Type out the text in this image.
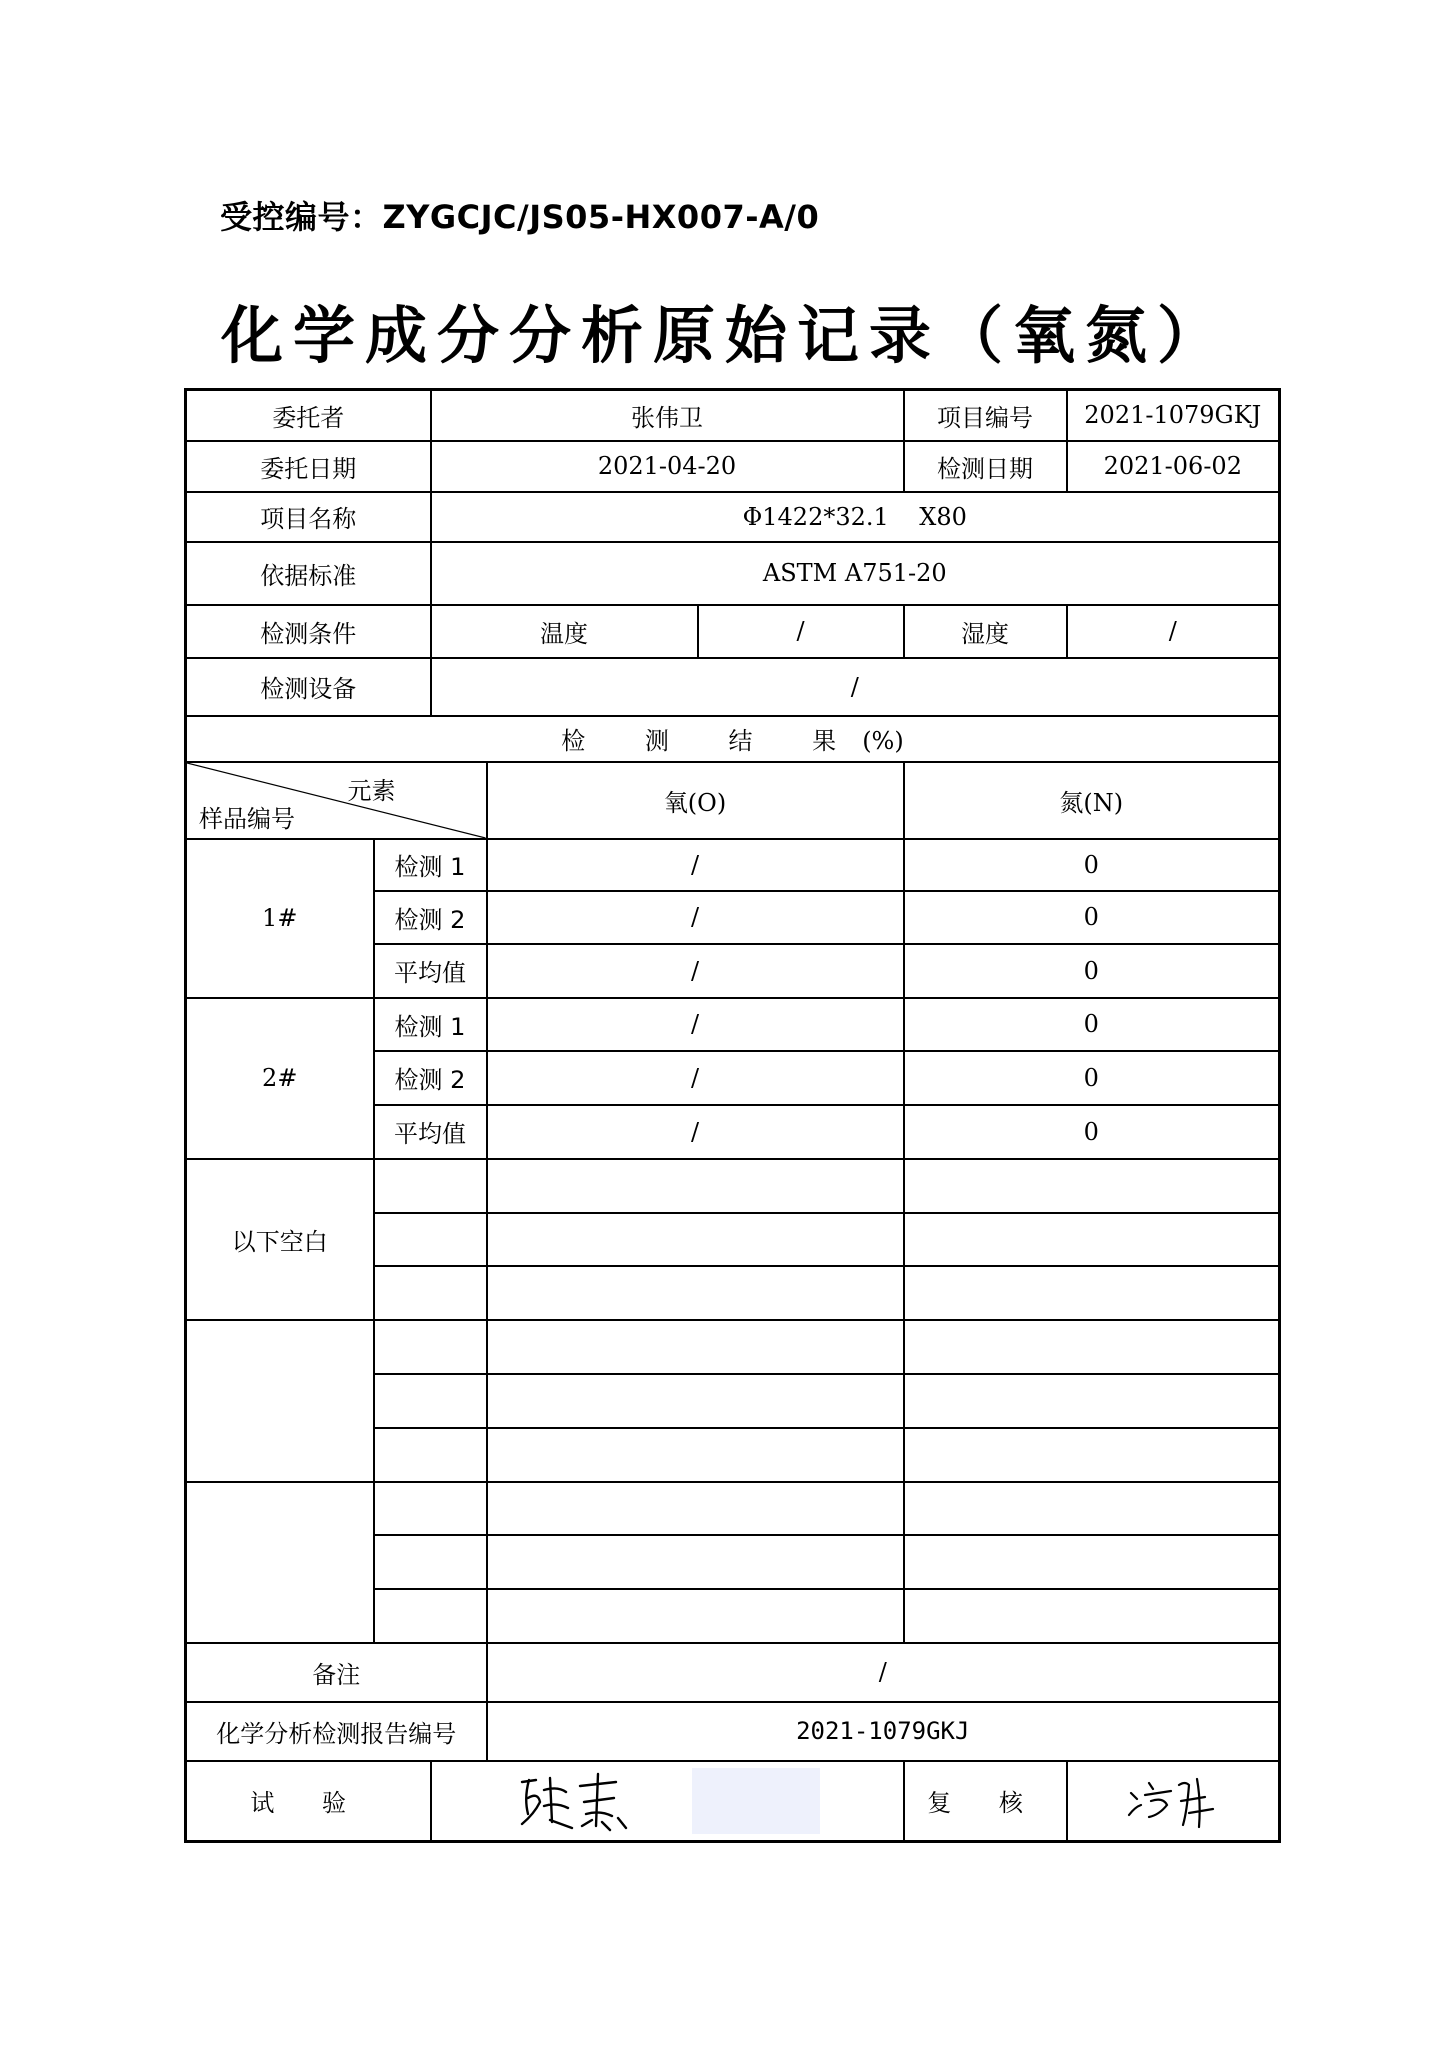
受控编号：ZYGCJC/JS05-HX007-A/0
化学成分分析原始记录（氧氮）
委托者		张伟卫			项目编号	2021-1079GKJ
委托日期		2021-04-20			检测日期	2021-06-02
项目名称		Φ1422*32.1    X80				
依据标准		ASTM A751-20				
检测条件		温度		/	湿度	/
检测设备		/				
检 测 结 果(%)						

元素
样品编号			氧(O)		氮(N)	
1#	检测 1		/		0	
	检测 2		/		0	
	平均值		/		0	
2#	检测 1		/		0	
	检测 2		/		0	
	平均值		/		0	
以下空白						

备注			/			
化学分析检测报告编号			2021-1079GKJ			
试 验					复 核	
